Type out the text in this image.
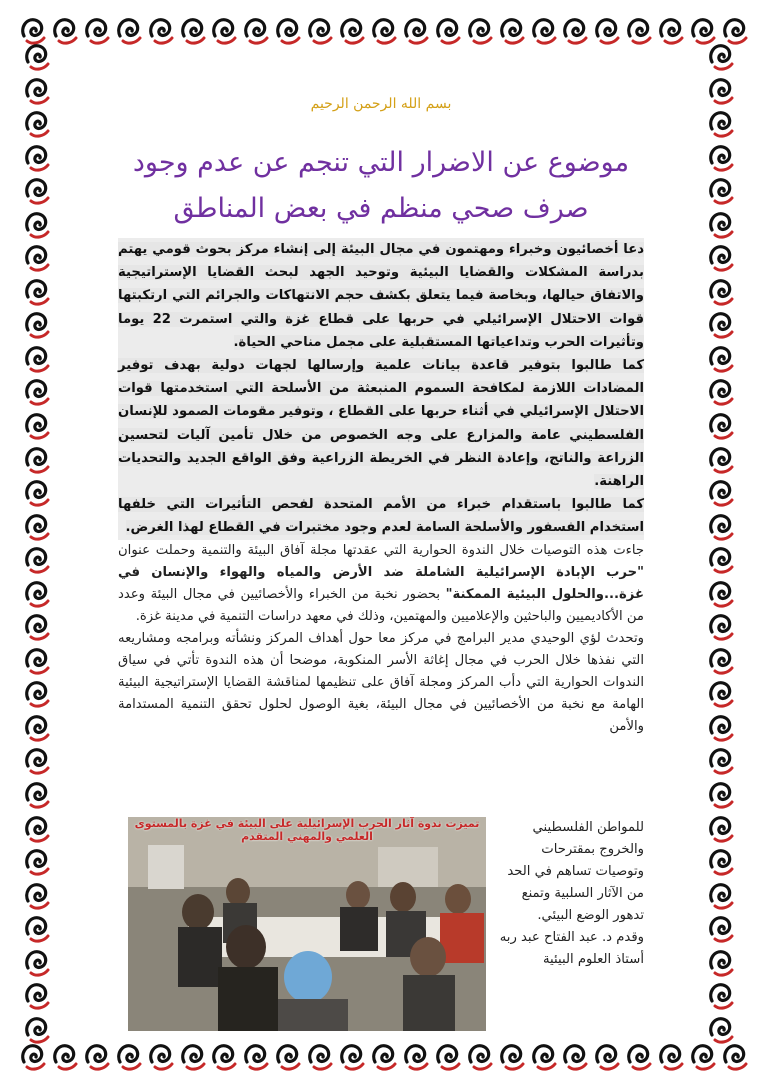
بسم الله الرحمن الرحيم
موضوع عن الاضرار التي تنجم عن عدم وجود
صرف صحي منظم في بعض المناطق

دعا أخصائيون وخبراء ومهتمون في مجال البيئة إلى إنشاء مركز بحوث قومي يهتم بدراسة المشكلات والقضايا البيئية وتوحيد الجهد لبحث القضايا الإستراتيجية والاتفاق حيالها، وبخاصة فيما يتعلق بكشف حجم الانتهاكات والجرائم التي ارتكبتها قوات الاحتلال الإسرائيلي في حربها على قطاع غزة والتي استمرت 22 يوما وتأثيرات الحرب وتداعياتها المستقبلية على مجمل مناحي الحياة.

كما طالبوا بتوفير قاعدة بيانات علمية وإرسالها لجهات دولية بهدف توفير المضادات اللازمة لمكافحة السموم المنبعثة من الأسلحة التي استخدمتها قوات الاحتلال الإسرائيلي في أثناء حربها على القطاع ، وتوفير مقومات الصمود للإنسان الفلسطيني عامة والمزارع على وجه الخصوص من خلال تأمين آليات لتحسين الزراعة والناتج، وإعادة النظر في الخريطة الزراعية وفق الواقع الجديد والتحديات الراهنة.

كما طالبوا باستقدام خبراء من الأمم المتحدة لفحص التأثيرات التي خلفها استخدام الفسفور والأسلحة السامة لعدم وجود مختبرات في القطاع لهذا الغرض.

جاءت هذه التوصيات خلال الندوة الحوارية التي عقدتها مجلة آفاق البيئة والتنمية وحملت عنوان "حرب الإبادة الإسرائيلية الشاملة ضد الأرض والمياه والهواء والإنسان في غزة...والحلول البيئية الممكنة" بحضور نخبة من الخبراء والأخصائيين في مجال البيئة وعدد من الأكاديميين والباحثين والإعلاميين والمهتمين، وذلك في معهد دراسات التنمية في مدينة غزة.

وتحدث لؤي الوحيدي مدير البرامج في مركز معا حول أهداف المركز ونشأته وبرامجه ومشاريعه التي نفذها خلال الحرب في مجال إغاثة الأسر المنكوبة، موضحا أن هذه الندوة تأتي في سياق الندوات الحوارية التي دأب المركز ومجلة آفاق على تنظيمها لمناقشة القضايا الإستراتيجية البيئية الهامة مع نخبة من الأخصائيين في مجال البيئة، بغية الوصول لحلول تحقق التنمية المستدامة والأمن

للمواطن الفلسطيني والخروج بمقترحات وتوصيات تساهم في الحد من الآثار السلبية وتمنع تدهور الوضع البيئي.

وقدم د. عبد الفتاح عبد ربه أستاذ العلوم البيئية

تميزت ندوة آثار الحرب الإسرائيلية على البيئة في غزة بالمستوى العلمي والمهني المتقدم
